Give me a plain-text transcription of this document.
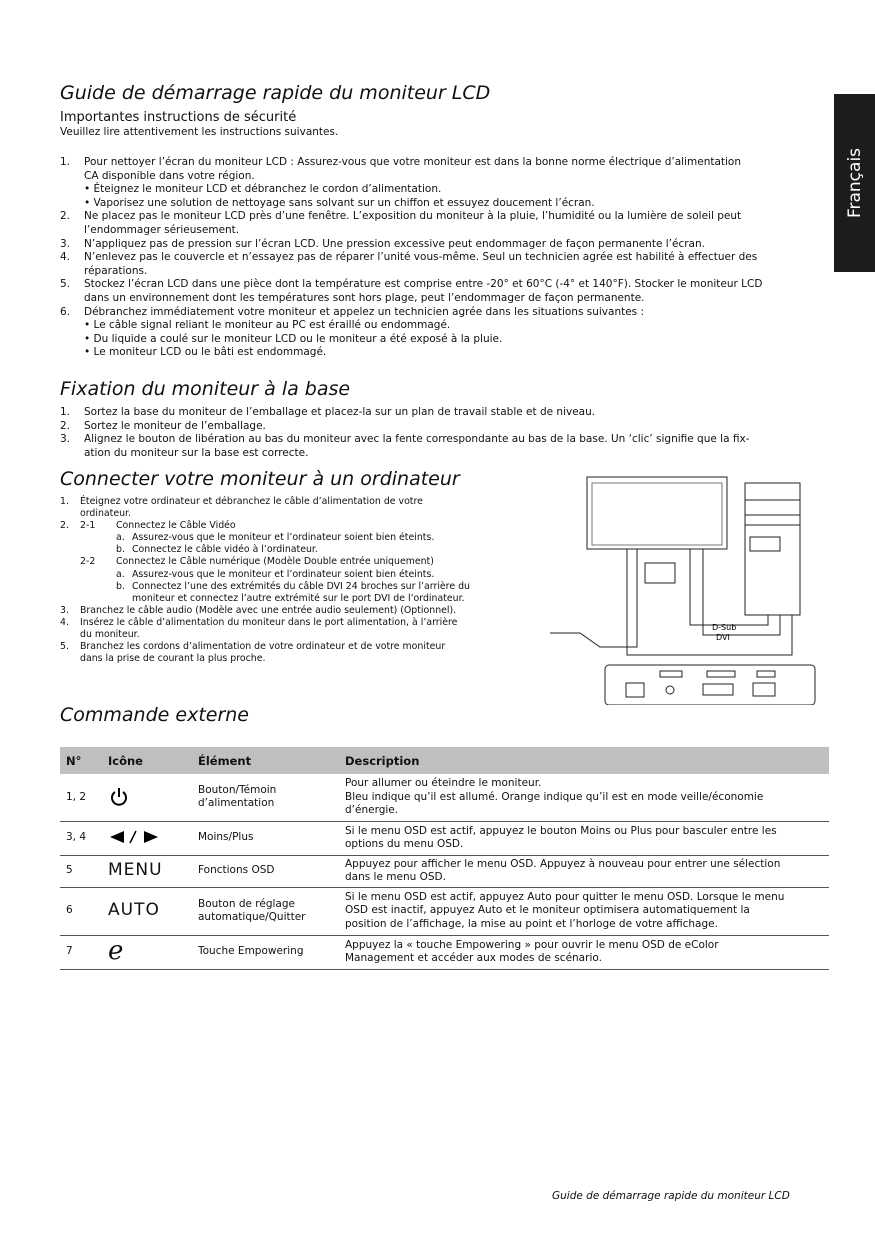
Français
Guide de démarrage rapide du moniteur LCD
Importantes instructions de sécurité
Veuillez lire attentivement les instructions suivantes.
1. Pour nettoyer l’écran du moniteur LCD : Assurez-vous que votre moniteur est dans la bonne norme électrique d’alimentation
CA disponible dans votre région.
• Éteignez le moniteur LCD et débranchez le cordon d’alimentation.
• Vaporisez une solution de nettoyage sans solvant sur un chiffon et essuyez doucement l’écran.
2. Ne placez pas le moniteur LCD près d’une fenêtre. L’exposition du moniteur à la pluie, l’humidité ou la lumière de soleil peut
l’endommager sérieusement.
3. N’appliquez pas de pression sur l’écran LCD. Une pression excessive peut endommager de façon permanente l’écran.
4. N’enlevez pas le couvercle et n’essayez pas de réparer l’unité vous-même. Seul un technicien agrée est habilité à effectuer des
réparations.
5. Stockez l’écran LCD dans une pièce dont la température est comprise entre -20° et 60°C (-4° et 140°F). Stocker le moniteur LCD
dans un environnement dont les températures sont hors plage, peut l’endommager de façon permanente.
6. Débranchez immédiatement votre moniteur et appelez un technicien agrée dans les situations suivantes :
• Le câble signal reliant le moniteur au PC est éraillé ou endommagé.
• Du liquide a coulé sur le moniteur LCD ou le moniteur a été exposé à la pluie.
• Le moniteur LCD ou le bâti est endommagé.
Fixation du moniteur à la base
1. Sortez la base du moniteur de l’emballage et placez-la sur un plan de travail stable et de niveau.
2. Sortez le moniteur de l’emballage.
3. Alignez le bouton de libération au bas du moniteur avec la fente correspondante au bas de la base. Un ‘clic’ signifie que la fix-
ation du moniteur sur la base est correcte.
Connecter votre moniteur à un ordinateur
1. Éteignez votre ordinateur et débranchez le câble d’alimentation de votre
ordinateur.
2. 2-1 Connectez le Câble Vidéo
a. Assurez-vous que le moniteur et l’ordinateur soient bien éteints.
b. Connectez le câble vidéo à l’ordinateur.
2-2 Connectez le Câble numérique (Modèle Double entrée uniquement)
a. Assurez-vous que le moniteur et l’ordinateur soient bien éteints.
b. Connectez l’une des extrémités du câble DVI 24 broches sur l’arrière du
moniteur et connectez l’autre extrémité sur le port DVI de l’ordinateur.
3. Branchez le câble audio (Modèle avec une entrée audio seulement) (Optionnel).
4. Insérez le câble d’alimentation du moniteur dans le port alimentation, à l’arrière
du moniteur.
5. Branchez les cordons d’alimentation de votre ordinateur et de votre moniteur
dans la prise de courant la plus proche.
D-Sub
DVI
Commande externe
N°	Icône	Élément	Description
1, 2		Bouton/Témoin
d’alimentation	Pour allumer ou éteindre le moniteur.
Bleu indique qu’il est allumé. Orange indique qu’il est en mode veille/économie
d’énergie.

3, 4		Moins/Plus	Si le menu OSD est actif, appuyez le bouton Moins ou Plus pour basculer entre les
options du menu OSD.

5	MENU	Fonctions OSD	Appuyez pour afficher le menu OSD. Appuyez à nouveau pour entrer une sélection
dans le menu OSD.

6	AUTO	Bouton de réglage
automatique/Quitter	Si le menu OSD est actif, appuyez Auto pour quitter le menu OSD. Lorsque le menu
OSD est inactif, appuyez Auto et le moniteur optimisera automatiquement la
position de l’affichage, la mise au point et l’horloge de votre affichage.

7	e	Touche Empowering	Appuyez la « touche Empowering » pour ouvrir le menu OSD de eColor
Management et accéder aux modes de scénario.
Guide de démarrage rapide du moniteur LCD
